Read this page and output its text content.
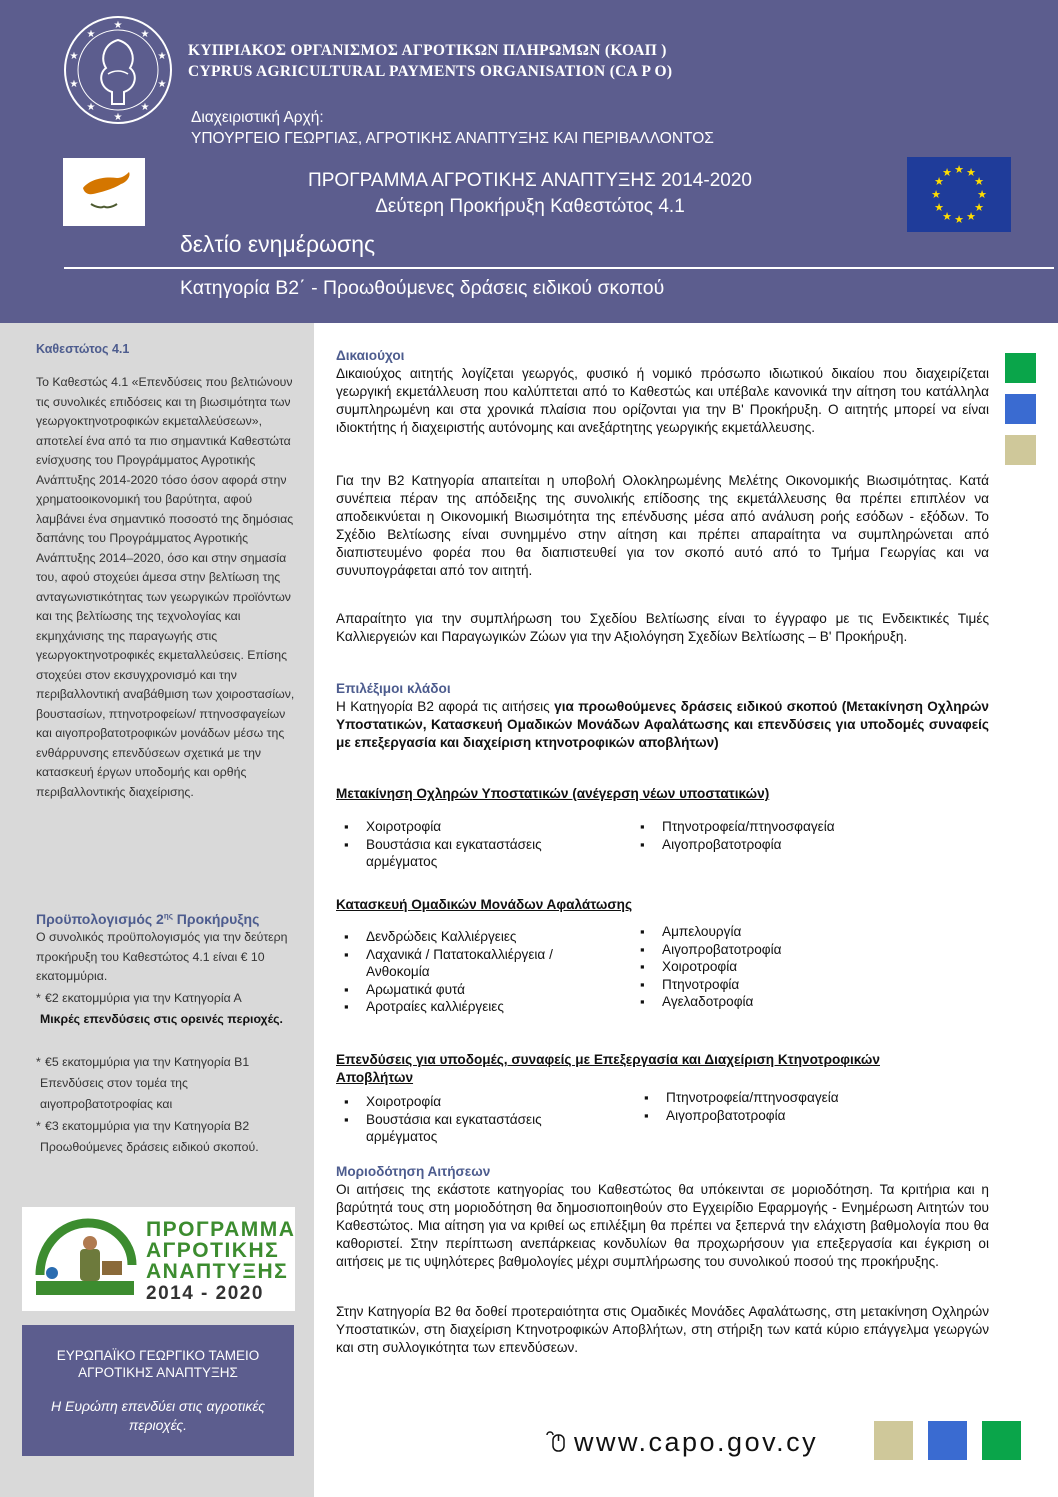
★
★
★
★
★
★
★
★
★
★
ΚΥΠΡΙΑΚΟΣ ΟΡΓΑΝΙΣΜΟΣ ΑΓΡΟΤΙΚΩΝ ΠΛΗΡΩΜΩΝ (ΚΟΑΠ )
CYPRUS AGRICULTURAL PAYMENTS ORGANISATION (CA P O)
Διαχειριστική Αρχή:
ΥΠΟΥΡΓΕΙΟ ΓΕΩΡΓΙΑΣ, ΑΓΡΟΤΙΚΗΣ ΑΝΑΠΤΥΞΗΣ ΚΑΙ ΠΕΡΙΒΑΛΛΟΝΤΟΣ
★ ★
★
★
★
★
★
★
★
★
★
★
ΠΡΟΓΡΑΜΜΑ ΑΓΡΟΤΙΚΗΣ ΑΝΑΠΤΥΞΗΣ 2014-2020
Δεύτερη Προκήρυξη Καθεστώτος 4.1
δελτίο ενημέρωσης
Κατηγορία Β2΄ - Προωθούμενες δράσεις ειδικού σκοπού
Καθεστώτος 4.1
Το Καθεστώς 4.1 «Επενδύσεις που βελτιώνουν τις συνολικές επιδόσεις και τη βιωσιμότητα των γεωργοκτηνοτροφικών εκμεταλλεύσεων», αποτελεί ένα από τα πιο σημαντικά Καθεστώτα ενίσχυσης του Προγράμματος Αγροτικής Ανάπτυξης 2014-2020 τόσο όσον αφορά στην χρηματοοικονομική του βαρύτητα, αφού λαμβάνει ένα σημαντικό ποσοστό της δημόσιας δαπάνης του Προγράμματος Αγροτικής Ανάπτυξης 2014–2020, όσο και στην σημασία του, αφού στοχεύει άμεσα στην βελτίωση της ανταγωνιστικότητας των γεωργικών προϊόντων και της βελτίωσης της τεχνολογίας και εκμηχάνισης της παραγωγής στις γεωργοκτηνοτροφικές εκμεταλλεύσεις. Επίσης στοχεύει στον εκσυγχρονισμό και την περιβαλλοντική αναβάθμιση των χοιροστασίων, βουστασίων, πτηνοτροφείων/ πτηνοσφαγείων και αιγοπροβατοτροφικών μονάδων μέσω της ενθάρρυνσης επενδύσεων σχετικά με την κατασκευή έργων υποδομής και ορθής περιβαλλοντικής διαχείρισης.
Προϋπολογισμός $2^{\eta\varsigma}$ Προκήρυξης
Ο συνολικός προϋπολογισμός για την δεύτερη προκήρυξη του Καθεστώτος 4.1 είναι € 10 εκατομμύρια.
* €2 εκατομμύρια για την Κατηγορία Α
Μικρές επενδύσεις στις ορεινές περιοχές.
* €5 εκατομμύρια για την Κατηγορία Β1
Επενδύσεις στον τομέα της αιγοπροβατοτροφίας και
* €3 εκατομμύρια για την Κατηγορία Β2
Προωθούμενες δράσεις ειδικού σκοπού.
ΠΡΟΓΡΑΜΜΑ
ΑΓΡΟΤΙΚΗΣ
ΑΝΑΠΤΥΞΗΣ
2014 - 2020
ΕΥΡΩΠΑΪΚΟ ΓΕΩΡΓΙΚΟ ΤΑΜΕΙΟ ΑΓΡΟΤΙΚΗΣ ΑΝΑΠΤΥΞΗΣ
Η Ευρώπη επενδύει στις αγροτικές περιοχές.
Δικαιούχοι
Δικαιούχος αιτητής λογίζεται γεωργός, φυσικό ή νομικό πρόσωπο ιδιωτικού δικαίου που διαχειρίζεται γεωργική εκμετάλλευση που καλύπτεται από το Καθεστώς και υπέβαλε κανονικά την αίτηση του κατάλληλα συμπληρωμένη και στα χρονικά πλαίσια που ορίζονται για την Β' Προκήρυξη. Ο αιτητής μπορεί να είναι ιδιοκτήτης ή διαχειριστής αυτόνομης και ανεξάρτητης γεωργικής εκμετάλλευσης.
Για την Β2 Κατηγορία απαιτείται η υποβολή Ολοκληρωμένης Μελέτης Οικονομικής Βιωσιμότητας. Κατά συνέπεια πέραν της απόδειξης της συνολικής επίδοσης της εκμετάλλευσης θα πρέπει επιπλέον να αποδεικνύεται η Οικονομική Βιωσιμότητα της επένδυσης μέσα από ανάλυση ροής εσόδων - εξόδων. Το Σχέδιο Βελτίωσης είναι συνημμένο στην αίτηση και πρέπει απαραίτητα να συμπληρώνεται από διαπιστευμένο φορέα που θα διαπιστευθεί για τον σκοπό αυτό από το Τμήμα Γεωργίας και να συνυπογράφεται από τον αιτητή.
Απαραίτητο για την συμπλήρωση του Σχεδίου Βελτίωσης είναι το έγγραφο με τις Ενδεικτικές Τιμές Καλλιεργειών και Παραγωγικών Ζώων για την Αξιολόγηση Σχεδίων Βελτίωσης – Β' Προκήρυξη.
Επιλέξιμοι κλάδοι
Η Κατηγορία Β2 αφορά τις αιτήσεις για προωθούμενες δράσεις ειδικού σκοπού (Μετακίνηση Οχληρών Υποστατικών, Κατασκευή Ομαδικών Μονάδων Αφαλάτωσης και επενδύσεις για υποδομές συναφείς με επεξεργασία και διαχείριση κτηνοτροφικών αποβλήτων)
Μετακίνηση Οχληρών Υποστατικών (ανέγερση νέων υποστατικών)
▪ Χοιροτροφία
▪ Βουστάσια και εγκαταστάσεις αρμέγματος
▪ Πτηνοτροφεία/πτηνοσφαγεία
▪ Αιγοπροβατοτροφία
Κατασκευή Ομαδικών Μονάδων Αφαλάτωσης
▪ Δενδρώδεις Καλλιέργειες
▪ Λαχανικά / Πατατοκαλλιέργεια / Ανθοκομία
▪ Αρωματικά φυτά
▪ Αροτραίες καλλιέργειες
▪ Αμπελουργία
▪ Αιγοπροβατοτροφία
▪ Χοιροτροφία
▪ Πτηνοτροφία
▪ Αγελαδοτροφία
Επενδύσεις για υποδομές, συναφείς με Επεξεργασία και Διαχείριση Κτηνοτροφικών
Αποβλήτων
▪ Χοιροτροφία
▪ Βουστάσια και εγκαταστάσεις αρμέγματος
▪ Πτηνοτροφεία/πτηνοσφαγεία
▪ Αιγοπροβατοτροφία
Μοριοδότηση Αιτήσεων
Οι αιτήσεις της εκάστοτε κατηγορίας του Καθεστώτος θα υπόκεινται σε μοριοδότηση. Τα κριτήρια και η βαρύτητά τους στη μοριοδότηση θα δημοσιοποιηθούν στο Εγχειρίδιο Εφαρμογής - Ενημέρωση Αιτητών του Καθεστώτος. Μια αίτηση για να κριθεί ως επιλέξιμη θα πρέπει να ξεπερνά την ελάχιστη βαθμολογία που θα καθοριστεί. Στην περίπτωση ανεπάρκειας κονδυλίων θα προχωρήσουν για επεξεργασία και έγκριση οι αιτήσεις με τις υψηλότερες βαθμολογίες μέχρι συμπλήρωσης του συνολικού ποσού της προκήρυξης.
Στην Κατηγορία Β2 θα δοθεί προτεραιότητα στις Ομαδικές Μονάδες Αφαλάτωσης, στη μετακίνηση Οχληρών Υποστατικών, στη διαχείριση Κτηνοτροφικών Αποβλήτων, στη στήριξη των κατά κύριο επάγγελμα γεωργών και στη συλλογικότητα των επενδύσεων.
www.capo.gov.cy
